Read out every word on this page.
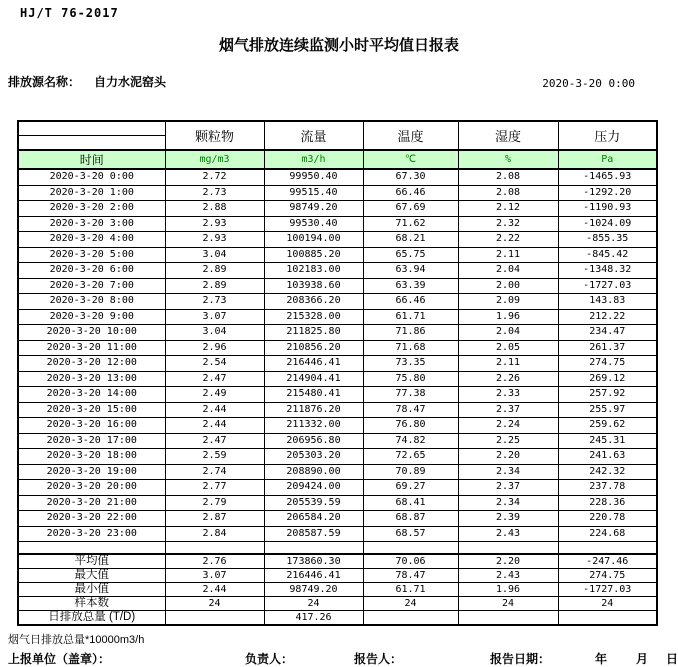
HJ/T 76-2017
烟气排放连续监测小时平均值日报表
排放源名称： 自力水泥窑头	2020-3-20 0:00
	颗粒物	流量	温度	湿度	压力

时间	mg/m3	m3/h	℃	%	Pa
2020-3-20 0:00	2.72	99950.40	67.30	2.08	-1465.93
2020-3-20 1:00	2.73	99515.40	66.46	2.08	-1292.20
2020-3-20 2:00	2.88	98749.20	67.69	2.12	-1190.93
2020-3-20 3:00	2.93	99530.40	71.62	2.32	-1024.09
2020-3-20 4:00	2.93	100194.00	68.21	2.22	-855.35
2020-3-20 5:00	3.04	100885.20	65.75	2.11	-845.42
2020-3-20 6:00	2.89	102183.00	63.94	2.04	-1348.32
2020-3-20 7:00	2.89	103938.60	63.39	2.00	-1727.03
2020-3-20 8:00	2.73	208366.20	66.46	2.09	143.83
2020-3-20 9:00	3.07	215328.00	61.71	1.96	212.22
2020-3-20 10:00	3.04	211825.80	71.86	2.04	234.47
2020-3-20 11:00	2.96	210856.20	71.68	2.05	261.37
2020-3-20 12:00	2.54	216446.41	73.35	2.11	274.75
2020-3-20 13:00	2.47	214904.41	75.80	2.26	269.12
2020-3-20 14:00	2.49	215480.41	77.38	2.33	257.92
2020-3-20 15:00	2.44	211876.20	78.47	2.37	255.97
2020-3-20 16:00	2.44	211332.00	76.80	2.24	259.62
2020-3-20 17:00	2.47	206956.80	74.82	2.25	245.31
2020-3-20 18:00	2.59	205303.20	72.65	2.20	241.63
2020-3-20 19:00	2.74	208890.00	70.89	2.34	242.32
2020-3-20 20:00	2.77	209424.00	69.27	2.37	237.78
2020-3-20 21:00	2.79	205539.59	68.41	2.34	228.36
2020-3-20 22:00	2.87	206584.20	68.87	2.39	220.78
2020-3-20 23:00	2.84	208587.59	68.57	2.43	224.68

平均值	2.76	173860.30	70.06	2.20	-247.46
最大值	3.07	216446.41	78.47	2.43	274.75
最小值	2.44	98749.20	61.71	1.96	-1727.03
样本数	24	24	24	24	24
日排放总量 (T/D)		417.26			
烟气日排放总量*10000m3/h
上报单位（盖章）：	负责人：	报告人：	报告日期：	年 月 日
